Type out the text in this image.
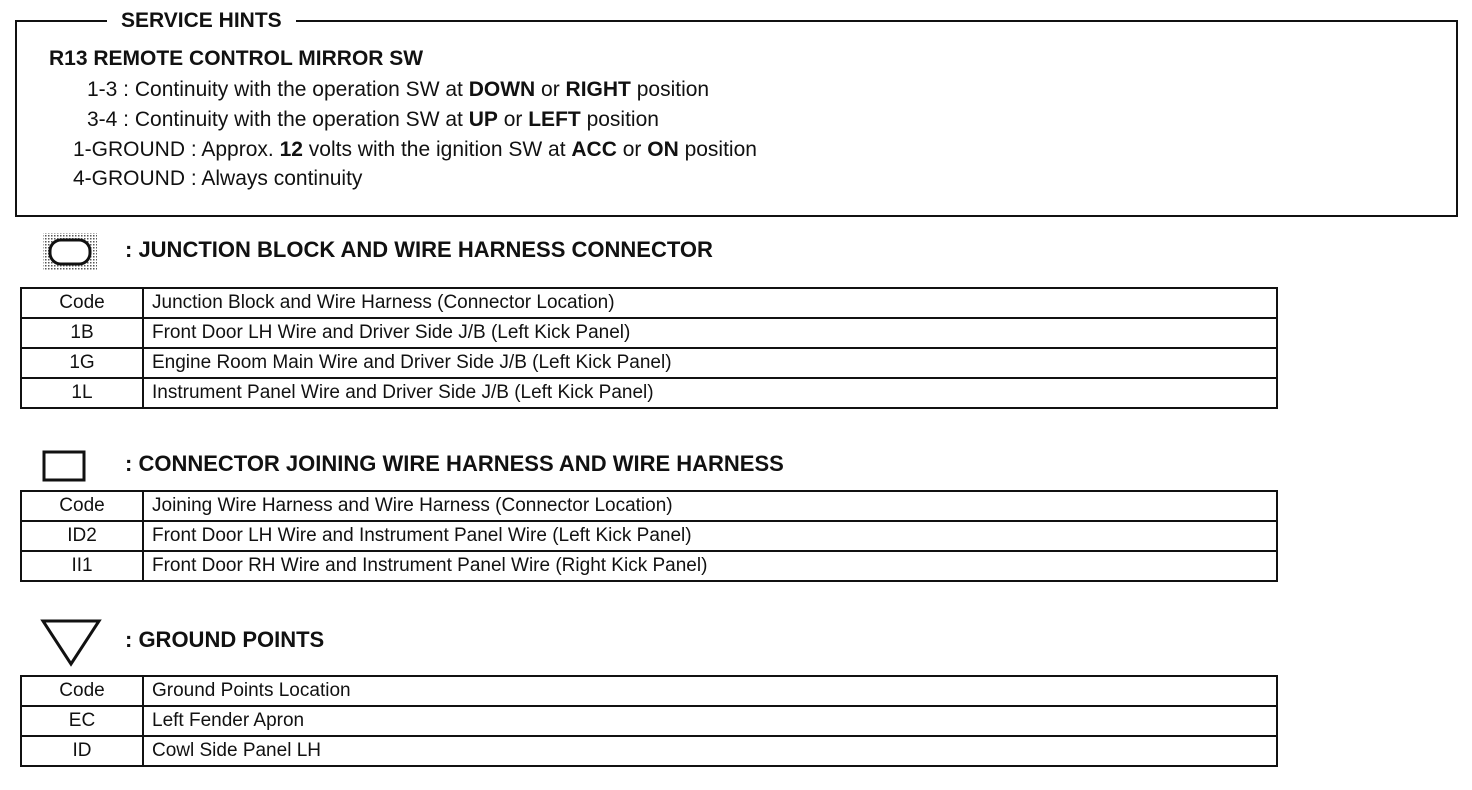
SERVICE HINTS
R13 REMOTE CONTROL MIRROR SW
1-3 : Continuity with the operation SW at DOWN or RIGHT position
3-4 : Continuity with the operation SW at UP or LEFT position
1-GROUND : Approx. 12 volts with the ignition SW at ACC or ON position
4-GROUND : Always continuity
: JUNCTION BLOCK AND WIRE HARNESS CONNECTOR
Code	Junction Block and Wire Harness (Connector Location)
1B	Front Door LH Wire and Driver Side J/B (Left Kick Panel)
1G	Engine Room Main Wire and Driver Side J/B (Left Kick Panel)
1L	Instrument Panel Wire and Driver Side J/B (Left Kick Panel)
: CONNECTOR JOINING WIRE HARNESS AND WIRE HARNESS
Code	Joining Wire Harness and Wire Harness (Connector Location)
ID2	Front Door LH Wire and Instrument Panel Wire (Left Kick Panel)
II1	Front Door RH Wire and Instrument Panel Wire (Right Kick Panel)
: GROUND POINTS
Code	Ground Points Location
EC	Left Fender Apron
ID	Cowl Side Panel LH
